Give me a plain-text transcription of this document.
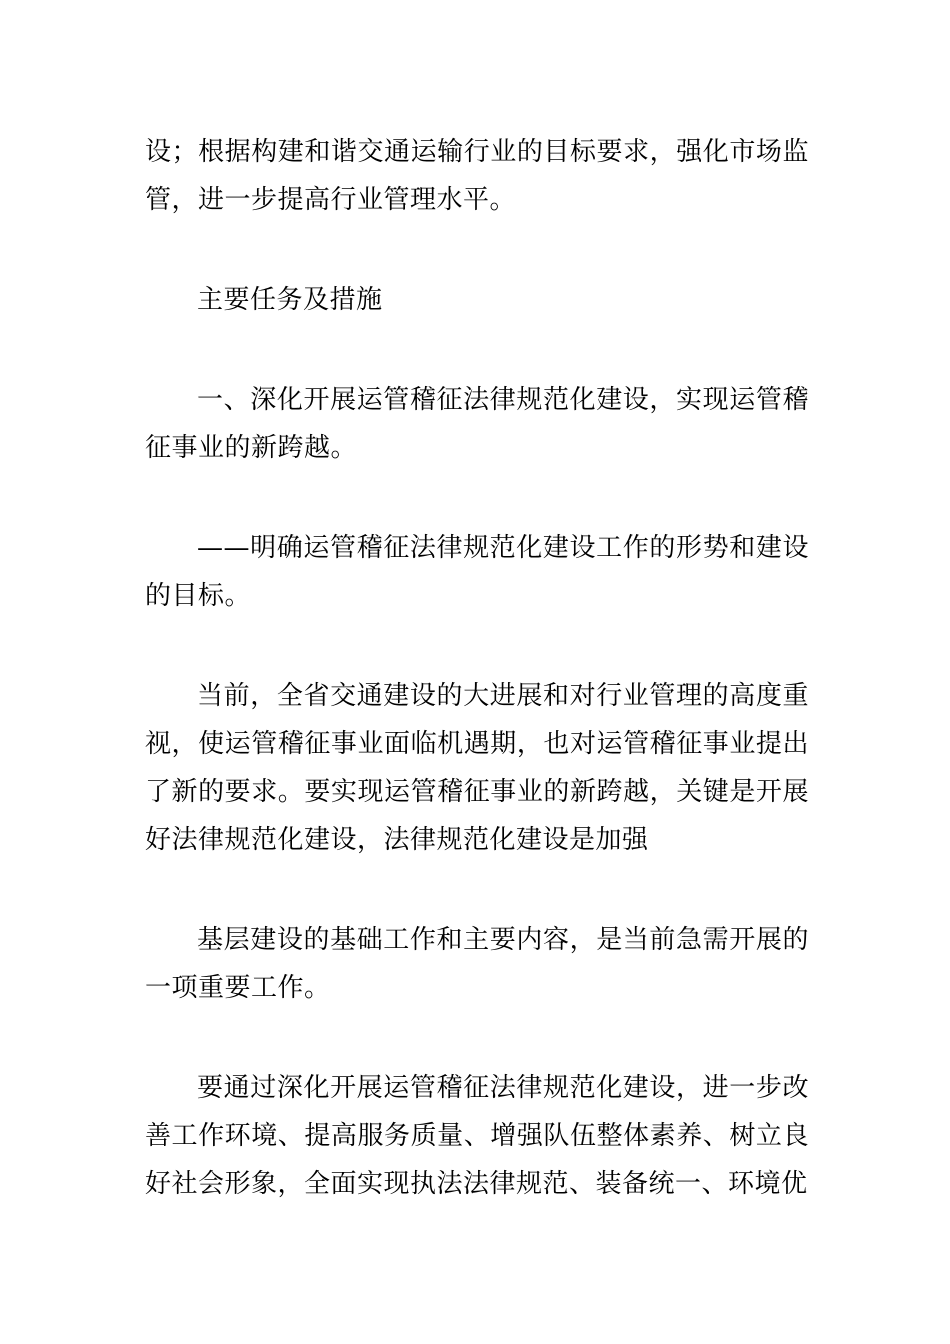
设；根据构建和谐交通运输行业的目标要求，强化市场监管，进一步提高行业管理水平。

主要任务及措施

一、深化开展运管稽征法律规范化建设，实现运管稽征事业的新跨越。

——明确运管稽征法律规范化建设工作的形势和建设的目标。

当前，全省交通建设的大进展和对行业管理的高度重视，使运管稽征事业面临机遇期，也对运管稽征事业提出了新的要求。要实现运管稽征事业的新跨越，关键是开展好法律规范化建设，法律规范化建设是加强

基层建设的基础工作和主要内容，是当前急需开展的一项重要工作。

要通过深化开展运管稽征法律规范化建设，进一步改善工作环境、提高服务质量、增强队伍整体素养、树立良好社会形象，全面实现执法法律规范、装备统一、环境优
